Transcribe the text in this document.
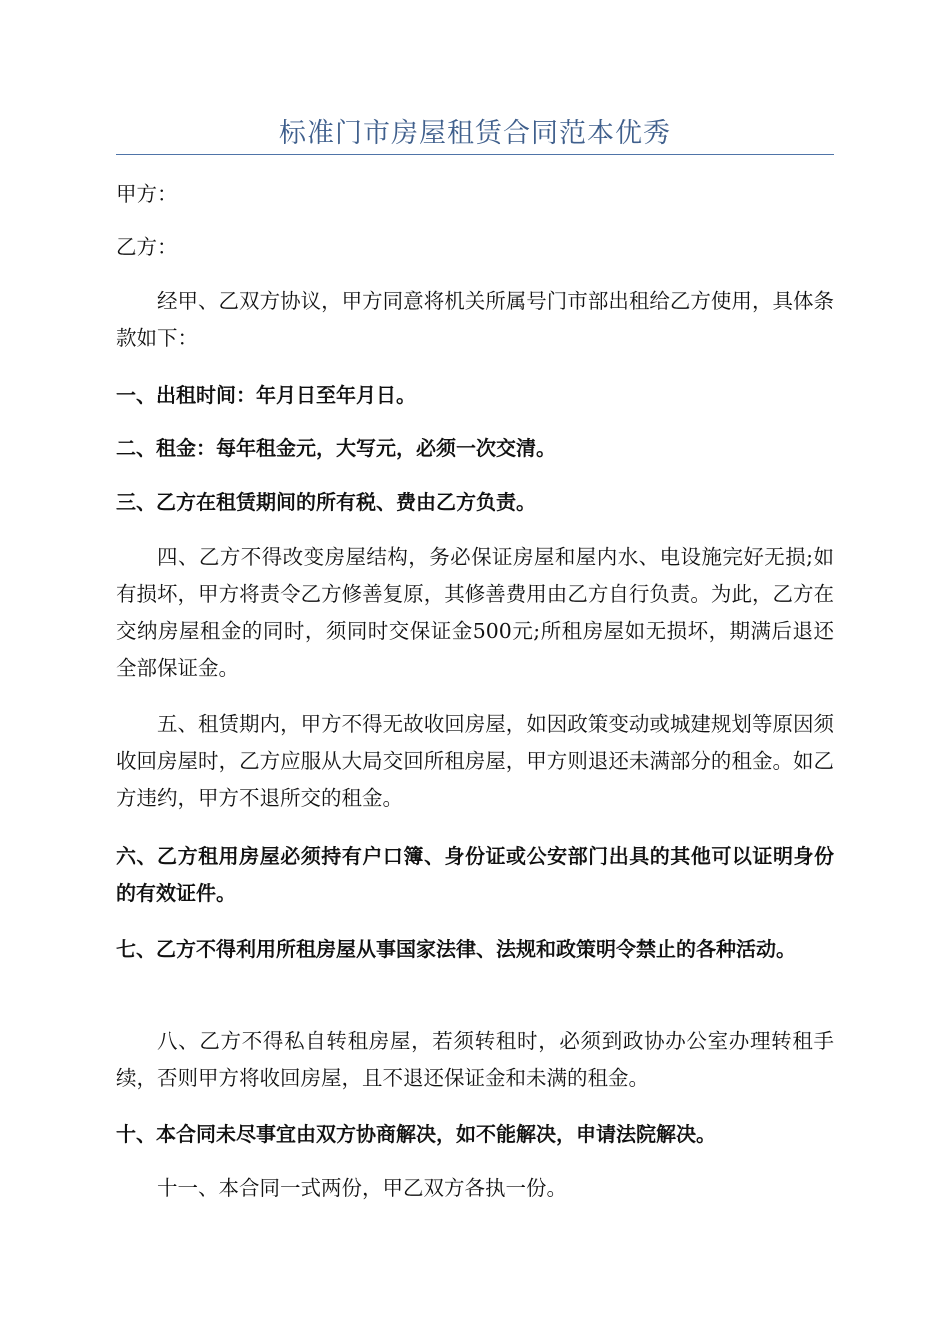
标准门市房屋租赁合同范本优秀

甲方：

乙方：

经甲、乙双方协议，甲方同意将机关所属号门市部出租给乙方使用，具体条款如下：

一、出租时间：年月日至年月日。

二、租金：每年租金元，大写元，必须一次交清。

三、乙方在租赁期间的所有税、费由乙方负责。

四、乙方不得改变房屋结构，务必保证房屋和屋内水、电设施完好无损;如有损坏，甲方将责令乙方修善复原，其修善费用由乙方自行负责。为此，乙方在交纳房屋租金的同时，须同时交保证金500元;所租房屋如无损坏，期满后退还全部保证金。

五、租赁期内，甲方不得无故收回房屋，如因政策变动或城建规划等原因须收回房屋时，乙方应服从大局交回所租房屋，甲方则退还未满部分的租金。如乙方违约，甲方不退所交的租金。

六、乙方租用房屋必须持有户口簿、身份证或公安部门出具的其他可以证明身份的有效证件。

七、乙方不得利用所租房屋从事国家法律、法规和政策明令禁止的各种活动。

八、乙方不得私自转租房屋，若须转租时，必须到政协办公室办理转租手续，否则甲方将收回房屋，且不退还保证金和未满的租金。

十、本合同未尽事宜由双方协商解决，如不能解决，申请法院解决。

十一、本合同一式两份，甲乙双方各执一份。
